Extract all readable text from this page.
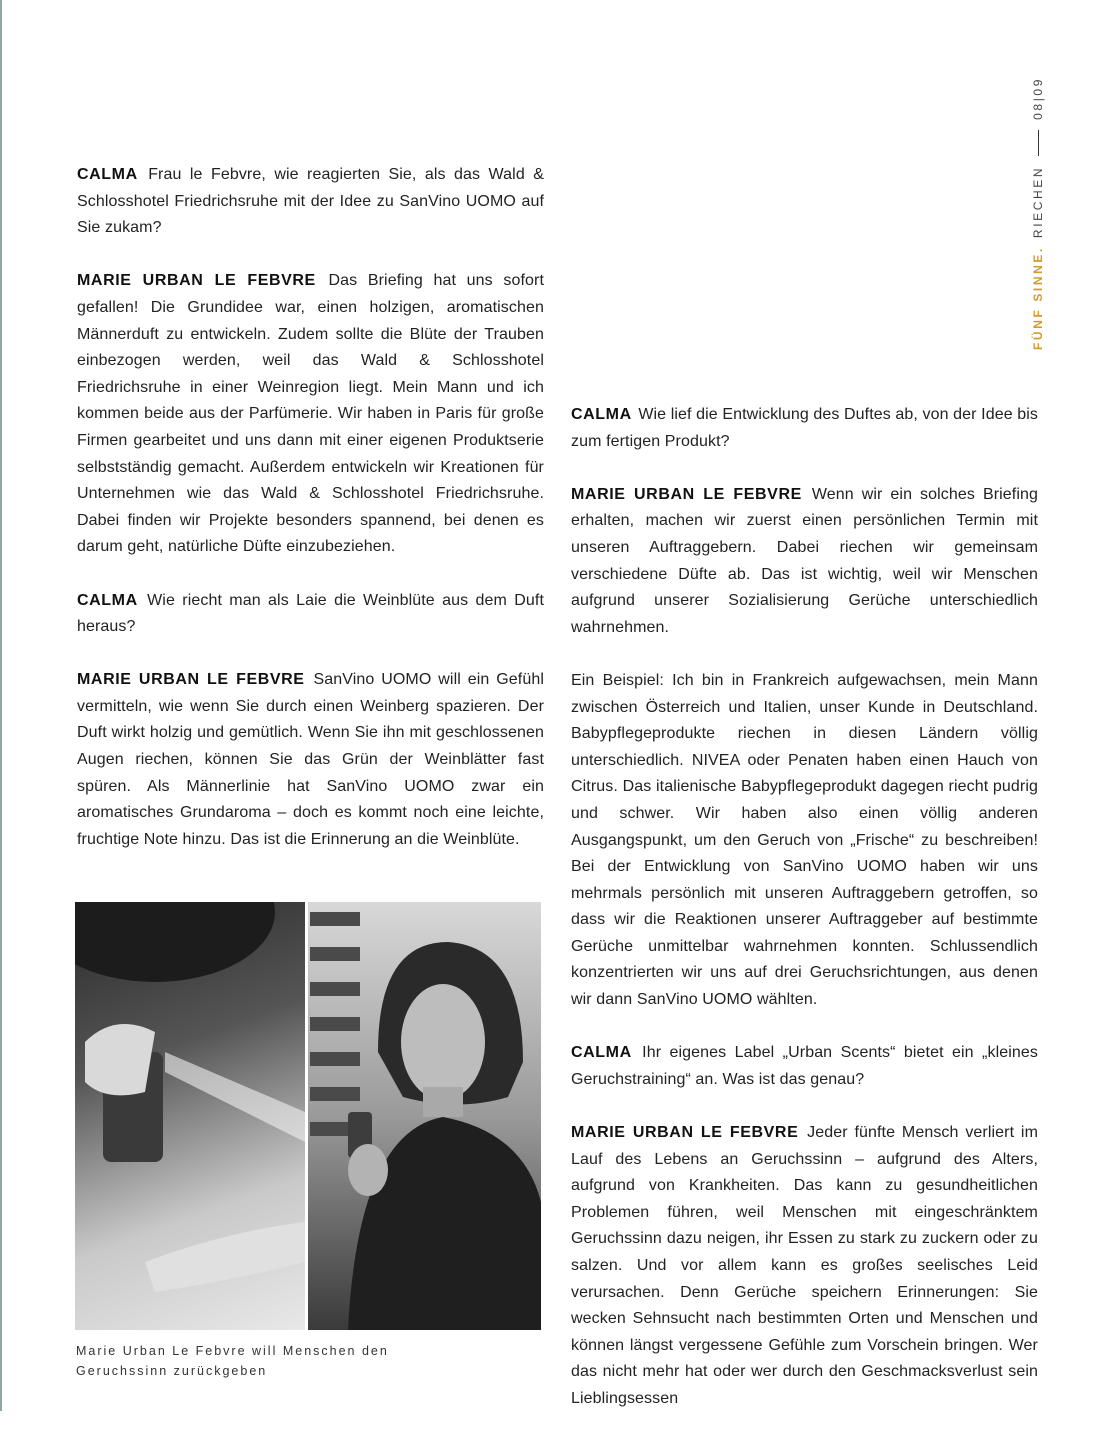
FÜNF SINNE.
RIECHEN
08|09

CALMA Frau le Febvre, wie reagierten Sie, als das Wald & Schlosshotel Friedrichsruhe mit der Idee zu SanVino UOMO auf Sie zukam?

MARIE URBAN LE FEBVRE Das Briefing hat uns sofort gefallen! Die Grundidee war, einen holzigen, aromatischen Männerduft zu entwickeln. Zudem sollte die Blüte der Trauben einbezogen werden, weil das Wald & Schlosshotel Friedrichsruhe in einer Weinregion liegt. Mein Mann und ich kommen beide aus der Parfümerie. Wir haben in Paris für große Firmen gearbeitet und uns dann mit einer eigenen Produktserie selbstständig gemacht. Außerdem entwickeln wir Kreationen für Unternehmen wie das Wald & Schlosshotel Friedrichsruhe. Dabei finden wir Projekte besonders spannend, bei denen es darum geht, natürliche Düfte einzubeziehen.

CALMA Wie riecht man als Laie die Weinblüte aus dem Duft heraus?

MARIE URBAN LE FEBVRE SanVino UOMO will ein Gefühl vermitteln, wie wenn Sie durch einen Weinberg spazieren. Der Duft wirkt holzig und gemütlich. Wenn Sie ihn mit geschlossenen Augen riechen, können Sie das Grün der Weinblätter fast spüren. Als Männerlinie hat SanVino UOMO zwar ein aromatisches Grundaroma – doch es kommt noch eine leichte, fruchtige Note hinzu. Das ist die Erinnerung an die Weinblüte.

CALMA Wie lief die Entwicklung des Duftes ab, von der Idee bis zum fertigen Produkt?

MARIE URBAN LE FEBVRE Wenn wir ein solches Briefing erhalten, machen wir zuerst einen persönlichen Termin mit unseren Auftraggebern. Dabei riechen wir gemeinsam verschiedene Düfte ab. Das ist wichtig, weil wir Menschen aufgrund unserer Sozialisierung Gerüche unterschiedlich wahrnehmen.

Ein Beispiel: Ich bin in Frankreich aufgewachsen, mein Mann zwischen Österreich und Italien, unser Kunde in Deutschland. Babypflegeprodukte riechen in diesen Ländern völlig unterschiedlich. NIVEA oder Penaten haben einen Hauch von Citrus. Das italienische Babypflegeprodukt dagegen riecht pudrig und schwer. Wir haben also einen völlig anderen Ausgangspunkt, um den Geruch von „Frische“ zu beschreiben! Bei der Entwicklung von SanVino UOMO haben wir uns mehrmals persönlich mit unseren Auftraggebern getroffen, so dass wir die Reaktionen unserer Auftraggeber auf bestimmte Gerüche unmittelbar wahrnehmen konnten. Schlussendlich konzentrierten wir uns auf drei Geruchsrichtungen, aus denen wir dann SanVino UOMO wählten.

CALMA Ihr eigenes Label „Urban Scents“ bietet ein „kleines Geruchstraining“ an. Was ist das genau?

MARIE URBAN LE FEBVRE Jeder fünfte Mensch verliert im Lauf des Lebens an Geruchssinn – aufgrund des Alters, aufgrund von Krankheiten. Das kann zu gesundheitlichen Problemen führen, weil Menschen mit eingeschränktem Geruchssinn dazu neigen, ihr Essen zu stark zu zuckern oder zu salzen. Und vor allem kann es großes seelisches Leid verursachen. Denn Gerüche speichern Erinnerungen: Sie wecken Sehnsucht nach bestimmten Orten und Menschen und können längst vergessene Gefühle zum Vorschein bringen. Wer das nicht mehr hat oder wer durch den Geschmacksverlust sein Lieblingsessen

Marie Urban Le Febvre will Menschen den
Geruchssinn zurückgeben
